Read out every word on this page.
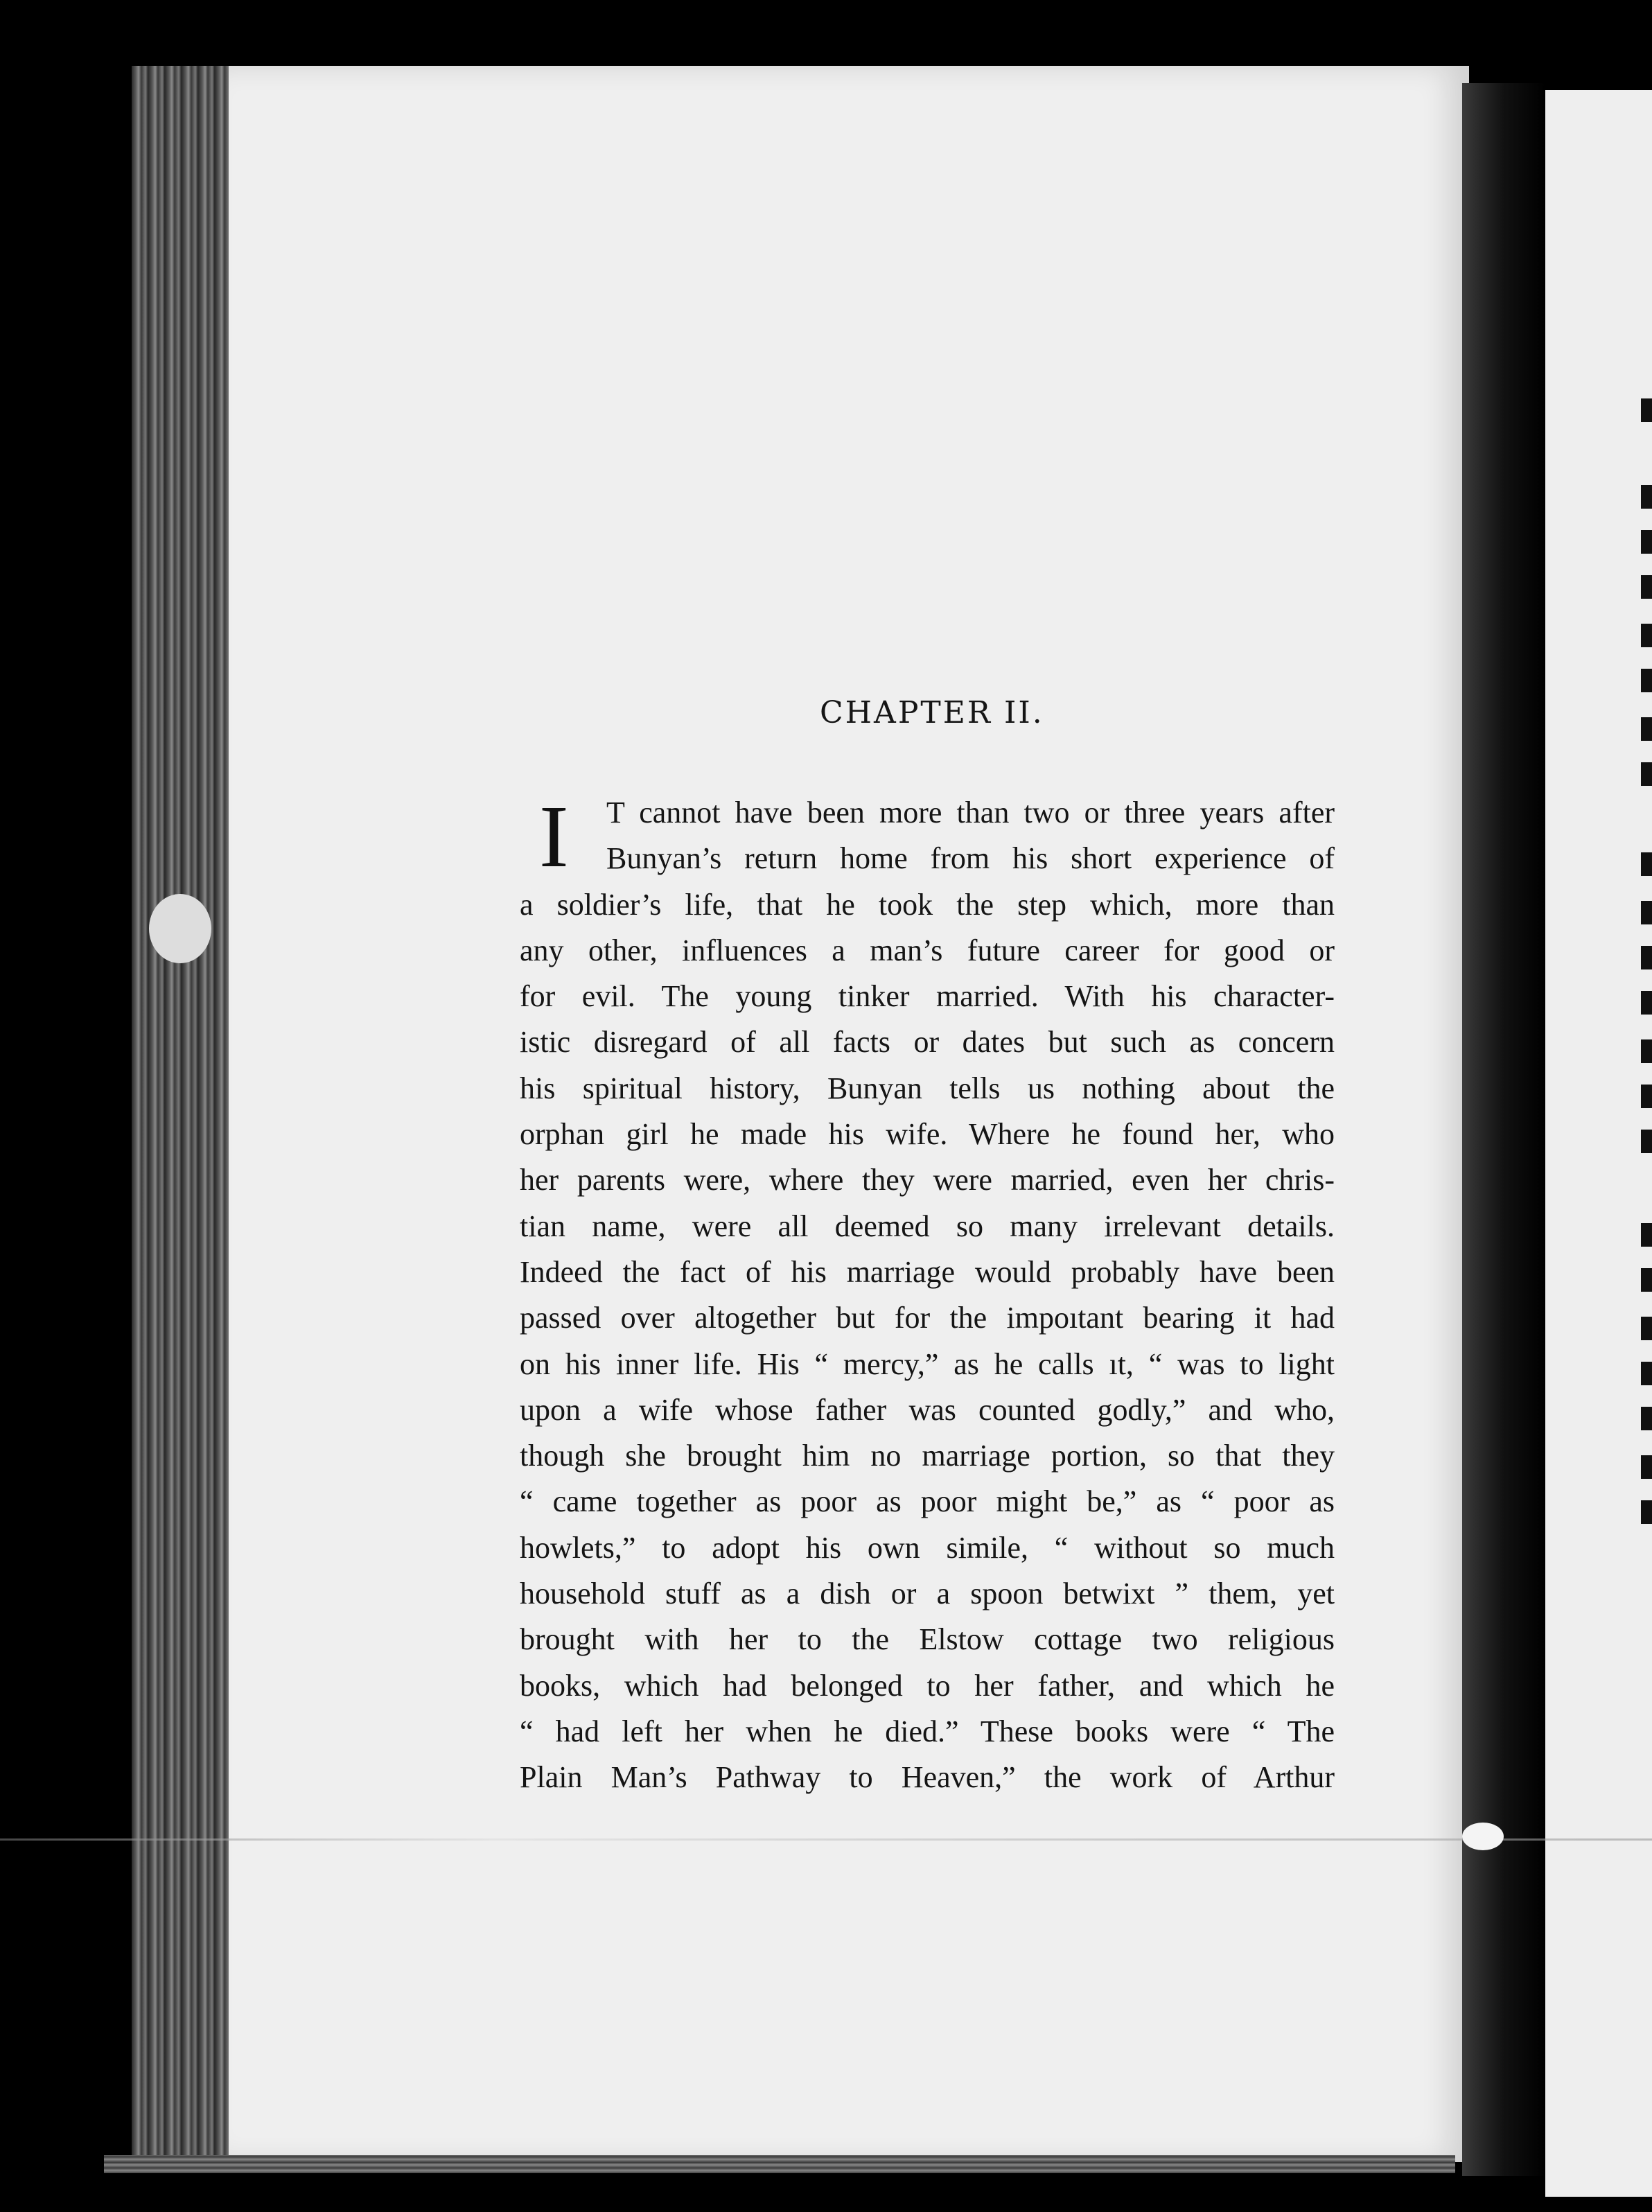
CHAPTER II.
I	T cannot have been more than two or three years after
Bunyan’s return home from his short experience of
a soldier’s life, that he took the step which, more than
any other, influences a man’s future career for good or
for evil. The young tinker married. With his character-
istic disregard of all facts or dates but such as concern
his spiritual history, Bunyan tells us nothing about the
orphan girl he made his wife. Where he found her, who
her parents were, where they were married, even her chris-
tian name, were all deemed so many irrelevant details.
Indeed the fact of his marriage would probably have been
passed over altogether but for the impoıtant bearing it had
on his inner life. His “ mercy,” as he calls ıt, “ was to light
upon a wife whose father was counted godly,” and who,
though she brought him no marriage portion, so that they
“ came together as poor as poor might be,” as “ poor as
howlets,” to adopt his own simile, “ without so much
household stuff as a dish or a spoon betwixt ” them, yet
brought with her to the Elstow cottage two religious
books, which had belonged to her father, and which he
“ had left her when he died.” These books were “ The
Plain Man’s Pathway to Heaven,” the work of Arthur
